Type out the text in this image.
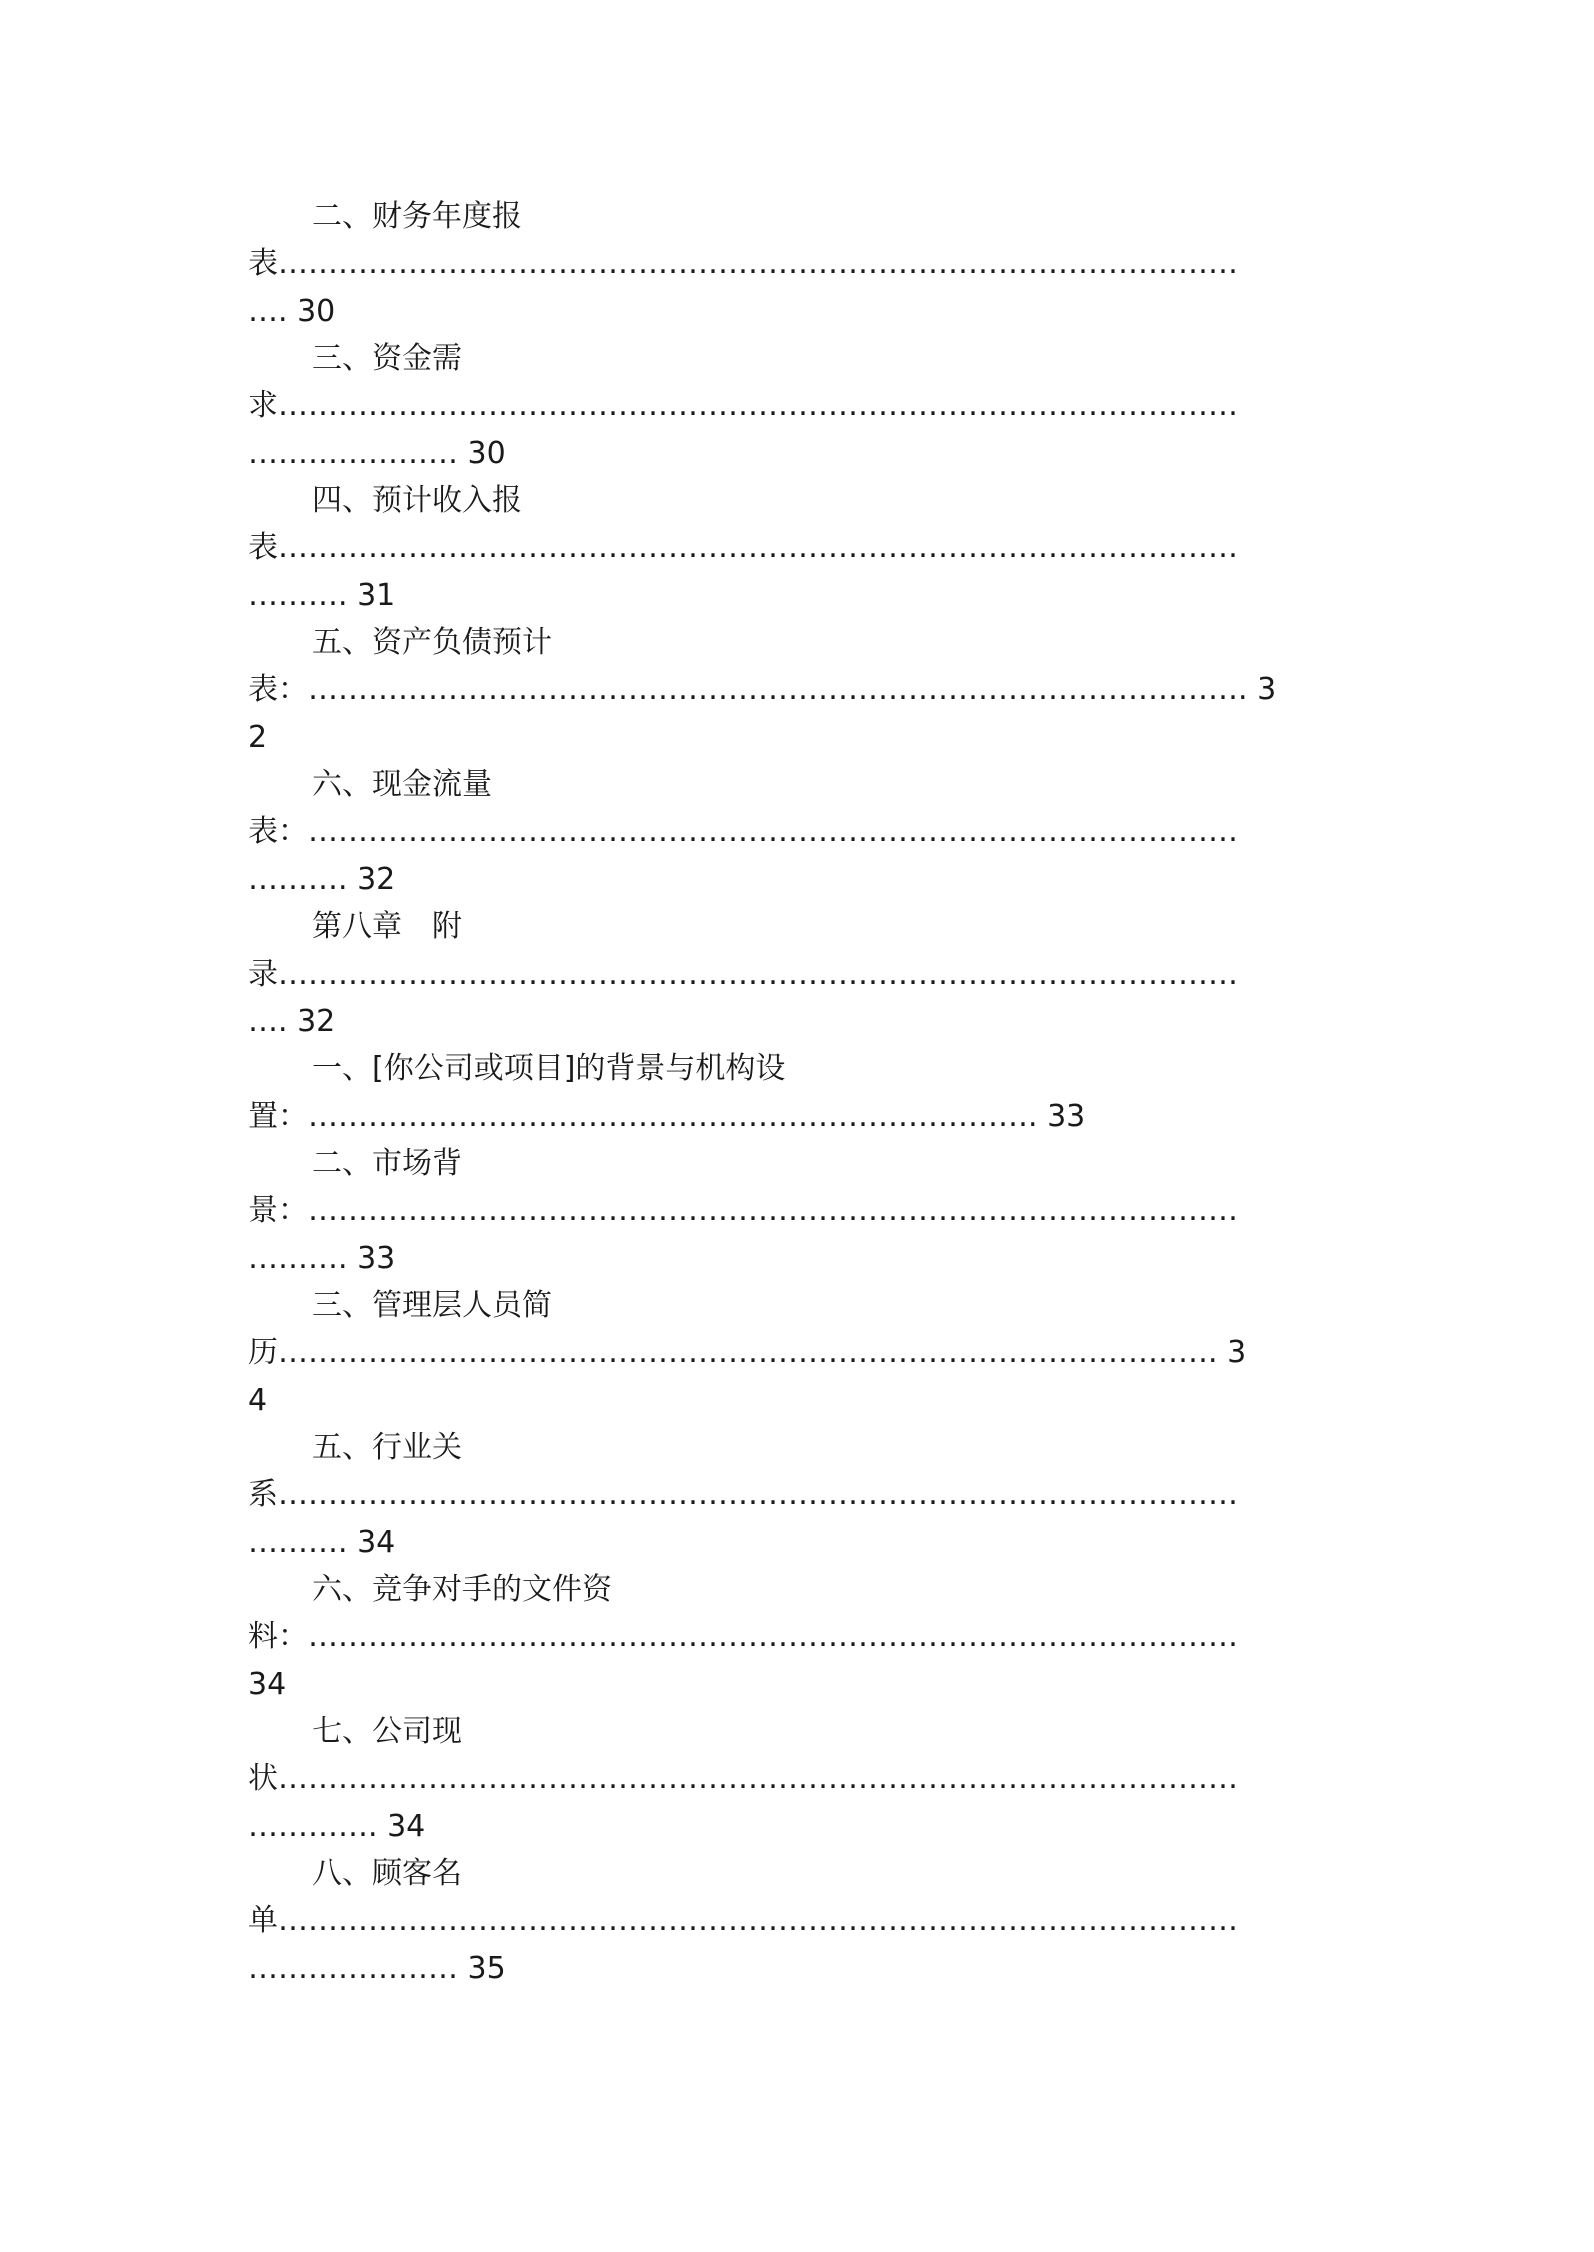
二、财务年度报
表……………………………………………………………………………………
…. 30
三、资金需
求……………………………………………………………………………………
………………… 30
四、预计收入报
表……………………………………………………………………………………
………. 31
五、资产负债预计
表：…………………………………………………………………………………. 3
2
六、现金流量
表：…………………………………………………………………………………
………. 32
第八章　附
录……………………………………………………………………………………
…. 32
一、[你公司或项目]的背景与机构设
置：………………………………………………………………. 33
二、市场背
景：…………………………………………………………………………………
………. 33
三、管理层人员简
历…………………………………………………………………………………. 3
4
五、行业关
系……………………………………………………………………………………
………. 34
六、竞争对手的文件资
料：…………………………………………………………………………………
34
七、公司现
状……………………………………………………………………………………
…………. 34
八、顾客名
单……………………………………………………………………………………
………………… 35
